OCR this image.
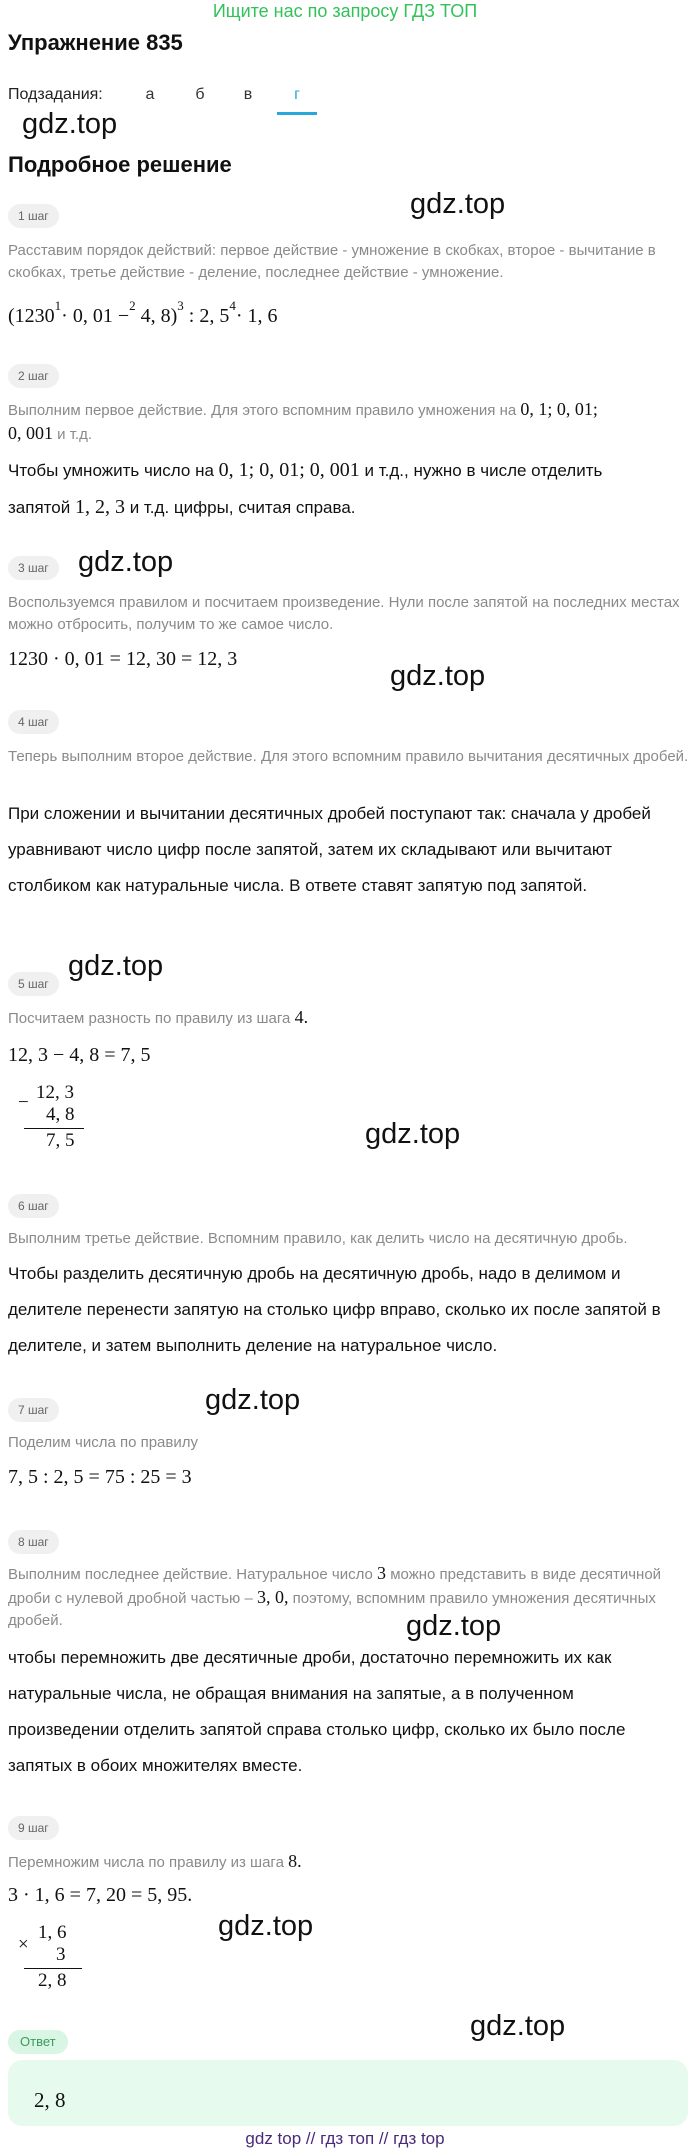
Ищите нас по запросу ГДЗ ТОП
Упражнение 835
Подзадания:	а	б	в	г
gdz.top
Подробное решение
gdz.top
1 шаг
Расставим порядок действий: первое действие - умножение в скобках, второе - вычитание в скобках, третье действие - деление, последнее действие - умножение.
($1230^1\cdot 0$, 01 −$^2$ 4, 8)$^3$ : 2, $5^4\cdot 1$, 6
2 шаг
Выполним первое действие. Для этого вспомним правило умножения на 0, 1; 0, 01;
0, 001 и т.д.
Чтобы умножить число на 0, 1; 0, 01; 0, 001 и т.д., нужно в числе отделить
запятой 1, 2, 3 и т.д. цифры, считая справа.
3 шаг	gdz.top
Воспользуемся правилом и посчитаем произведение. Нули после запятой на последних местах можно отбросить, получим то же самое число.
1230 · 0, 01 = 12, 30 = 12, 3
gdz.top
4 шаг
Теперь выполним второе действие. Для этого вспомним правило вычитания десятичных дробей.
При сложении и вычитании десятичных дробей поступают так: сначала у дробей уравнивают число цифр после запятой, затем их складывают или вычитают столбиком как натуральные числа. В ответе ставят запятую под запятой.
gdz.top
5 шаг
Посчитаем разность по правилу из шага 4.
12, 3 − 4, 8 = 7, 5
− 12, 3
4, 8
7, 5	gdz.top
6 шаг
Выполним третье действие. Вспомним правило, как делить число на десятичную дробь.
Чтобы разделить десятичную дробь на десятичную дробь, надо в делимом и делителе перенести запятую на столько цифр вправо, сколько их после запятой в делителе, и затем выполнить деление на натуральное число.
7 шаг	gdz.top
Поделим числа по правилу
7, 5 : 2, 5 = 75 : 25 = 3
8 шаг
Выполним последнее действие. Натуральное число 3 можно представить в виде десятичной дроби с нулевой дробной частью – 3, 0, поэтому, вспомним правило умножения десятичных дробей.	gdz.top
чтобы перемножить две десятичные дроби, достаточно перемножить их как натуральные числа, не обращая внимания на запятые, а в полученном произведении отделить запятой справа столько цифр, сколько их было после запятых в обоих множителях вместе.
9 шаг
Перемножим числа по правилу из шага 8.
3 · 1, 6 = 7, 20 = 5, 95.
gdz.top
×
1, 6
3
2, 8
gdz.top
Ответ
2, 8
gdz top // гдз топ // гдз top
